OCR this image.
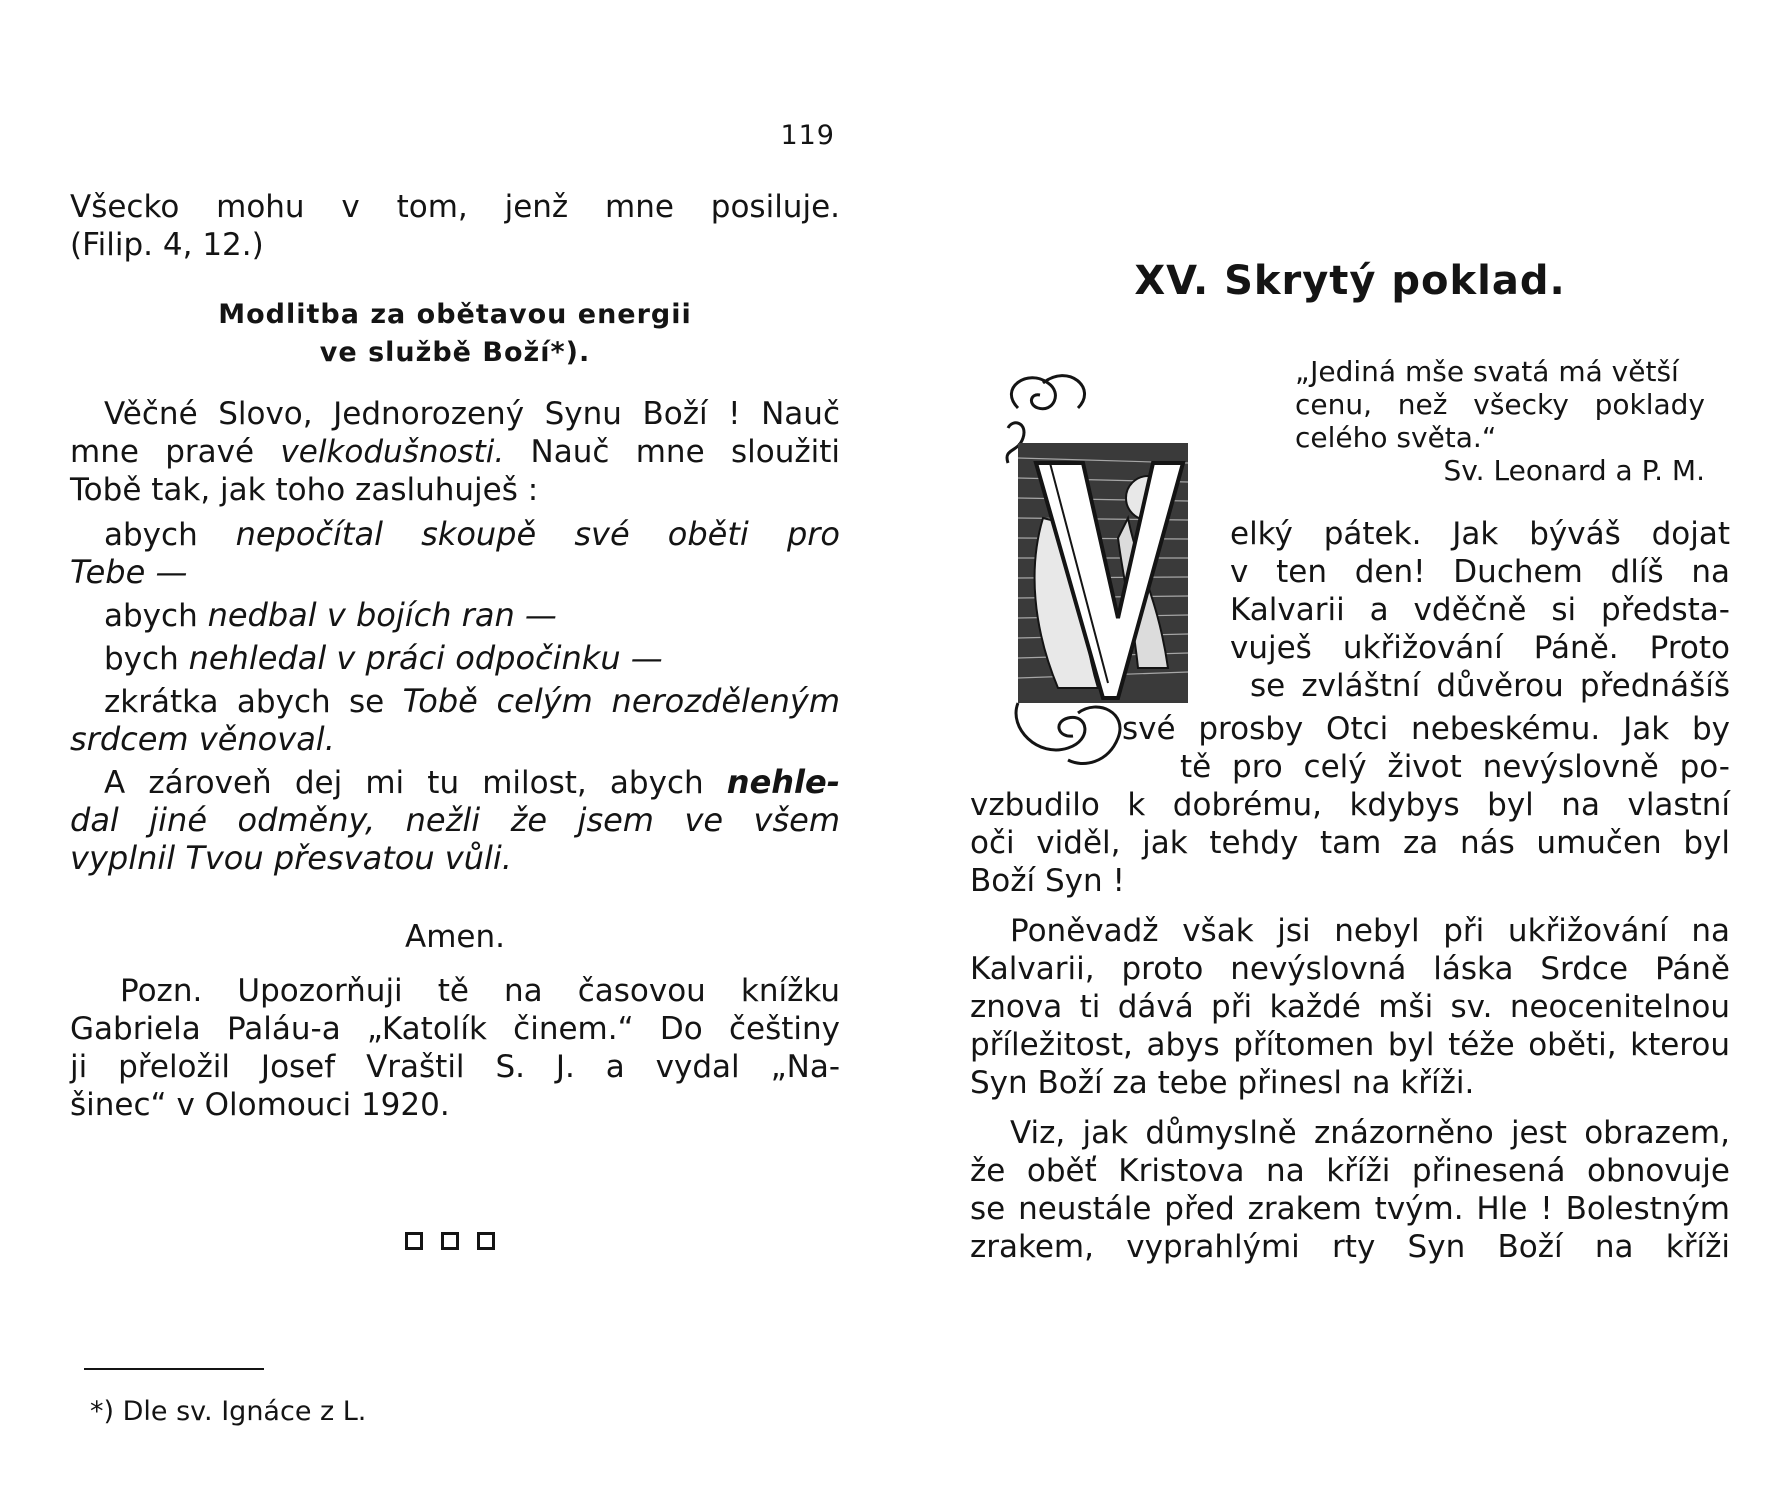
119
Všecko mohu v tom, jenž mne posiluje.
(Filip. 4, 12.)
Modlitba za obětavou energii
ve službě Boží*).
Věčné Slovo, Jednorozený Synu Boží ! Nauč
mne pravé velkodušnosti. Nauč mne sloužiti
Tobě tak, jak toho zasluhuješ :
abych nepočítal skoupě své oběti pro
Tebe —
abych nedbal v bojích ran —
bych nehledal v práci odpočinku —
zkrátka abych se Tobě celým nerozděleným
srdcem věnoval.
A zároveň dej mi tu milost, abych nehle-
dal jiné odměny, nežli že jsem ve všem
vyplnil Tvou přesvatou vůli.
Amen.
Pozn. Upozorňuji tě na časovou knížku
Gabriela Paláu-a „Katolík činem.“ Do češtiny
ji přeložil Josef Vraštil S. J. a vydal „Na-
šinec“ v Olomouci 1920.
*) Dle sv. Ignáce z L.
XV. Skrytý poklad.
„Jediná mše svatá má větší
cenu, než všecky poklady
celého světa.“
Sv. Leonard a P. M.
elký pátek. Jak býváš dojat
v ten den! Duchem dlíš na
Kalvarii a vděčně si předsta-
vuješ ukřižování Páně. Proto
se zvláštní důvěrou přednášíš
své prosby Otci nebeskému. Jak by
tě pro celý život nevýslovně po-
vzbudilo k dobrému, kdybys byl na vlastní
oči viděl, jak tehdy tam za nás umučen byl
Boží Syn !
Poněvadž však jsi nebyl při ukřižování na
Kalvarii, proto nevýslovná láska Srdce Páně
znova ti dává při každé mši sv. neocenitelnou
příležitost, abys přítomen byl téže oběti, kterou
Syn Boží za tebe přinesl na kříži.
Viz, jak důmyslně znázorněno jest obrazem,
že oběť Kristova na kříži přinesená obnovuje
se neustále před zrakem tvým. Hle ! Bolestným
zrakem, vyprahlými rty Syn Boží na kříži
